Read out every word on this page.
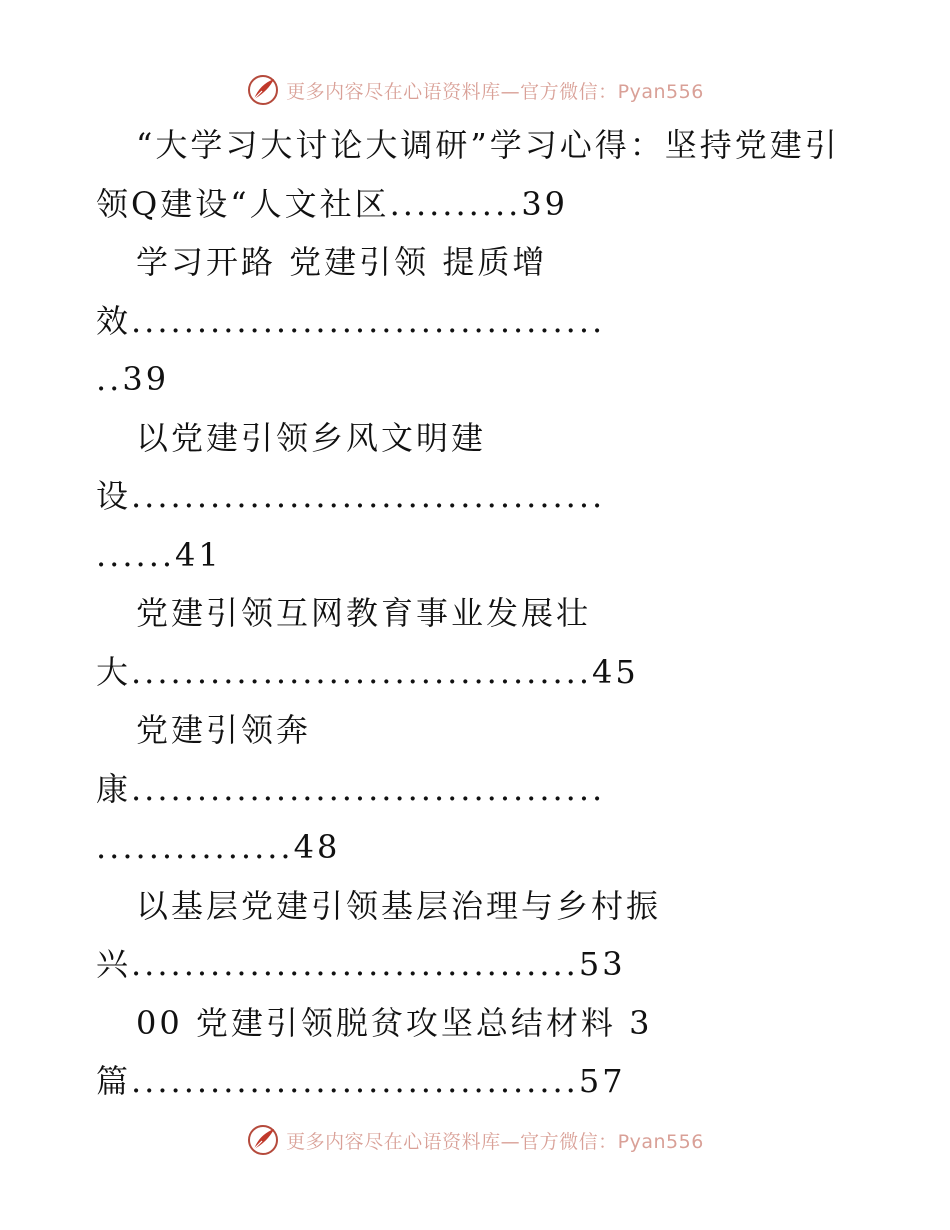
更多内容尽在心语资料库—官方微信：Pyan556
“大学习大讨论大调研”学习心得：坚持党建引
领Q建设“人文社区..........39
学习开路 党建引领 提质增
效....................................
..39
以党建引领乡风文明建
设....................................
......41
党建引领互网教育事业发展壮
大...................................45
党建引领奔
康....................................
...............48
以基层党建引领基层治理与乡村振
兴..................................53
00 党建引领脱贫攻坚总结材料 3
篇..................................57
更多内容尽在心语资料库—官方微信：Pyan556
